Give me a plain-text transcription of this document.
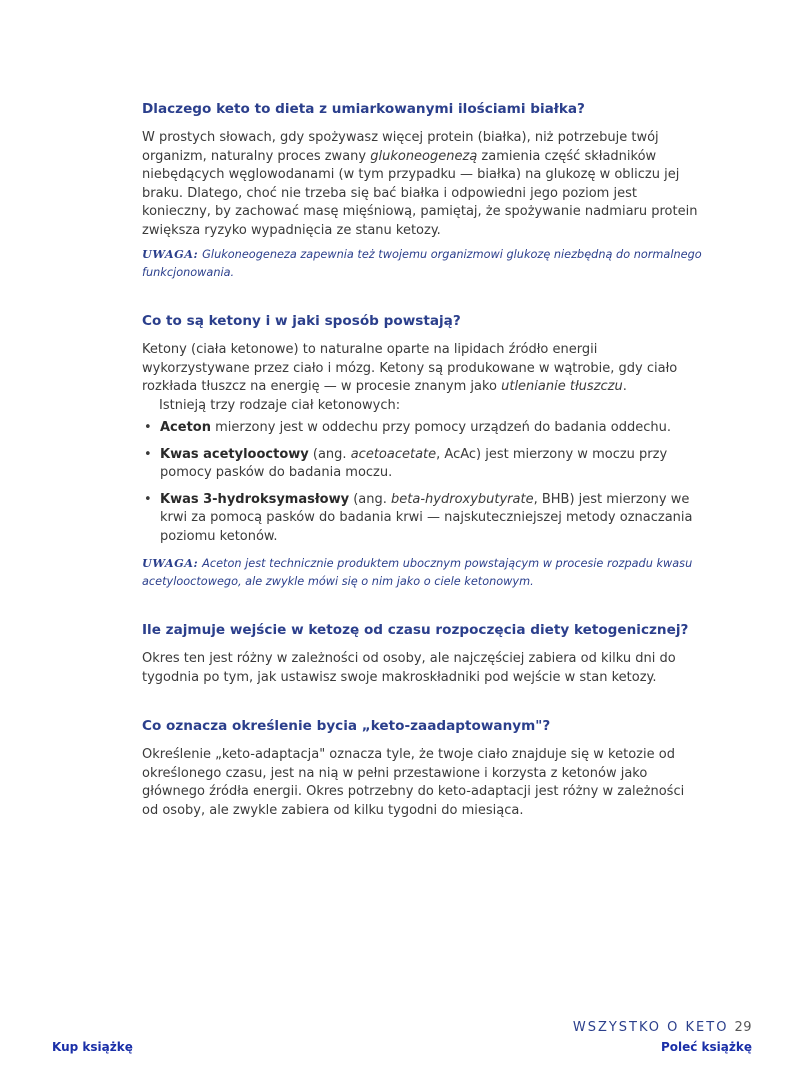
Dlaczego keto to dieta z umiarkowanymi ilościami białka?

W prostych słowach, gdy spożywasz więcej protein (białka), niż potrzebuje twój organizm, naturalny proces zwany glukoneogenezą zamienia część składników niebędących węglowodanami (w tym przypadku — białka) na glukozę w obliczu jej braku. Dlatego, choć nie trzeba się bać białka i odpowiedni jego poziom jest konieczny, by zachować masę mięśniową, pamiętaj, że spożywanie nadmiaru protein zwiększa ryzyko wypadnięcia ze stanu ketozy.

UWAGA: Glukoneogeneza zapewnia też twojemu organizmowi glukozę niezbędną do normalnego funkcjonowania.

Co to są ketony i w jaki sposób powstają?

Ketony (ciała ketonowe) to naturalne oparte na lipidach źródło energii wykorzystywane przez ciało i mózg. Ketony są produkowane w wątrobie, gdy ciało rozkłada tłuszcz na energię — w procesie znanym jako utlenianie tłuszczu.

Istnieją trzy rodzaje ciał ketonowych:

• Aceton mierzony jest w oddechu przy pomocy urządzeń do badania oddechu.
• Kwas acetylooctowy (ang. acetoacetate, AcAc) jest mierzony w moczu przy pomocy pasków do badania moczu.
• Kwas 3-hydroksymasłowy (ang. beta-hydroxybutyrate, BHB) jest mierzony we krwi za pomocą pasków do badania krwi — najskuteczniejszej metody oznaczania poziomu ketonów.

UWAGA: Aceton jest technicznie produktem ubocznym powstającym w procesie rozpadu kwasu acetylooctowego, ale zwykle mówi się o nim jako o ciele ketonowym.

Ile zajmuje wejście w ketozę od czasu rozpoczęcia diety ketogenicznej?

Okres ten jest różny w zależności od osoby, ale najczęściej zabiera od kilku dni do tygodnia po tym, jak ustawisz swoje makroskładniki pod wejście w stan ketozy.

Co oznacza określenie bycia „keto-zaadaptowanym"?

Określenie „keto-adaptacja" oznacza tyle, że twoje ciało znajduje się w ketozie od określonego czasu, jest na nią w pełni przestawione i korzysta z ketonów jako głównego źródła energii. Okres potrzebny do keto-adaptacji jest różny w zależności od osoby, ale zwykle zabiera od kilku tygodni do miesiąca.

WSZYSTKO O KETO 29
Kup książkę	Poleć książkę
